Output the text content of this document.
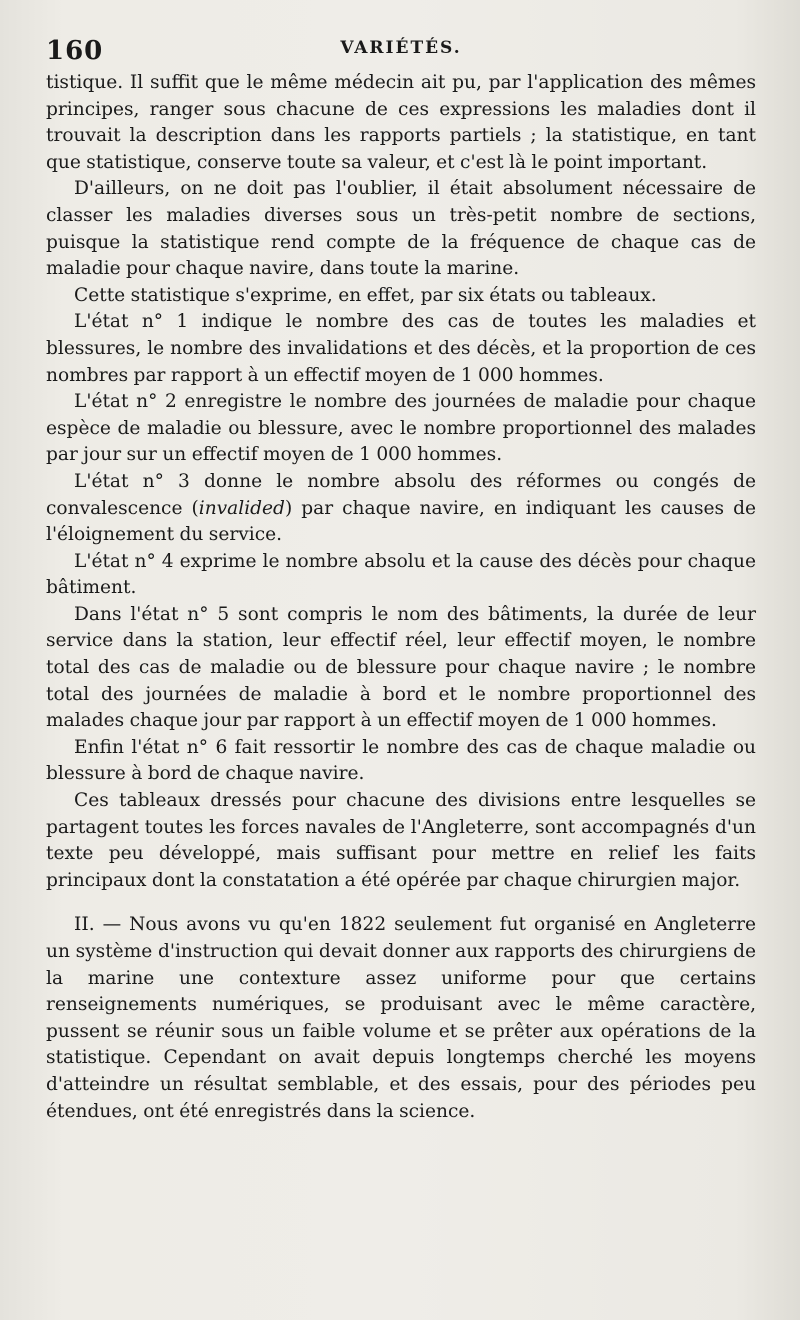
160	VARIÉTÉS.

tistique. Il suffit que le même médecin ait pu, par l'application des mêmes principes, ranger sous chacune de ces expressions les maladies dont il trouvait la description dans les rapports partiels ; la statistique, en tant que statistique, conserve toute sa valeur, et c'est là le point important.

D'ailleurs, on ne doit pas l'oublier, il était absolument nécessaire de classer les maladies diverses sous un très-petit nombre de sections, puisque la statistique rend compte de la fréquence de chaque cas de maladie pour chaque navire, dans toute la marine.

Cette statistique s'exprime, en effet, par six états ou tableaux.

L'état n° 1 indique le nombre des cas de toutes les maladies et blessures, le nombre des invalidations et des décès, et la proportion de ces nombres par rapport à un effectif moyen de 1 000 hommes.

L'état n° 2 enregistre le nombre des journées de maladie pour chaque espèce de maladie ou blessure, avec le nombre proportionnel des malades par jour sur un effectif moyen de 1 000 hommes.

L'état n° 3 donne le nombre absolu des réformes ou congés de convalescence (invalided) par chaque navire, en indiquant les causes de l'éloignement du service.

L'état n° 4 exprime le nombre absolu et la cause des décès pour chaque bâtiment.

Dans l'état n° 5 sont compris le nom des bâtiments, la durée de leur service dans la station, leur effectif réel, leur effectif moyen, le nombre total des cas de maladie ou de blessure pour chaque navire ; le nombre total des journées de maladie à bord et le nombre proportionnel des malades chaque jour par rapport à un effectif moyen de 1 000 hommes.

Enfin l'état n° 6 fait ressortir le nombre des cas de chaque maladie ou blessure à bord de chaque navire.

Ces tableaux dressés pour chacune des divisions entre lesquelles se partagent toutes les forces navales de l'Angleterre, sont accompagnés d'un texte peu développé, mais suffisant pour mettre en relief les faits principaux dont la constatation a été opérée par chaque chirurgien major.

II. — Nous avons vu qu'en 1822 seulement fut organisé en Angleterre un système d'instruction qui devait donner aux rapports des chirurgiens de la marine une contexture assez uniforme pour que certains renseignements numériques, se produisant avec le même caractère, pussent se réunir sous un faible volume et se prêter aux opérations de la statistique. Cependant on avait depuis longtemps cherché les moyens d'atteindre un résultat semblable, et des essais, pour des périodes peu étendues, ont été enregistrés dans la science.
